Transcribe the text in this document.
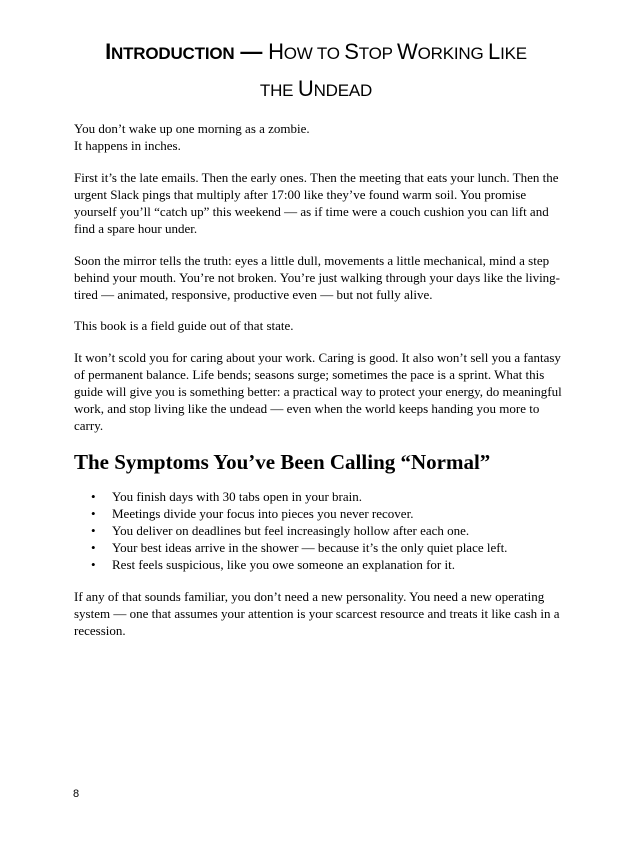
INTRODUCTION — HOW TO STOP WORKING LIKE
THE UNDEAD

You don’t wake up one morning as a zombie.

It happens in inches.

First it’s the late emails. Then the early ones. Then the meeting that eats your lunch. Then the urgent Slack pings that multiply after 17:00 like they’ve found warm soil. You promise yourself you’ll “catch up” this weekend — as if time were a couch cushion you can lift and find a spare hour under.

Soon the mirror tells the truth: eyes a little dull, movements a little mechanical, mind a step behind your mouth. You’re not broken. You’re just walking through your days like the living-tired — animated, responsive, productive even — but not fully alive.

This book is a field guide out of that state.

It won’t scold you for caring about your work. Caring is good. It also won’t sell you a fantasy of permanent balance. Life bends; seasons surge; sometimes the pace is a sprint. What this guide will give you is something better: a practical way to protect your energy, do meaningful work, and stop living like the undead — even when the world keeps handing you more to carry.

The Symptoms You’ve Been Calling “Normal”
• You finish days with 30 tabs open in your brain.
• Meetings divide your focus into pieces you never recover.
• You deliver on deadlines but feel increasingly hollow after each one.
• Your best ideas arrive in the shower — because it’s the only quiet place left.
• Rest feels suspicious, like you owe someone an explanation for it.

If any of that sounds familiar, you don’t need a new personality. You need a new operating system — one that assumes your attention is your scarcest resource and treats it like cash in a recession.

8
